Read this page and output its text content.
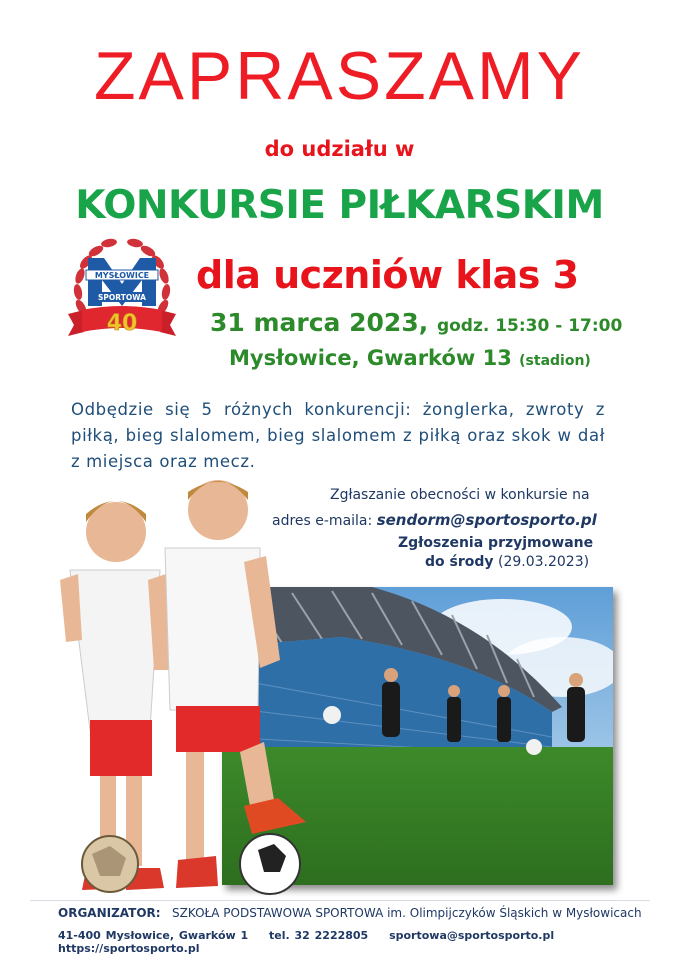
ZAPRASZAMY
do udziału w
KONKURSIE PIŁKARSKIM
MYSŁOWICE
SPORTOWA
40
dla uczniów klas 3
31 marca 2023, godz. 15:30 - 17:00
Mysłowice, Gwarków 13 (stadion)
Odbędzie się 5 różnych konkurencji: żonglerka, zwroty z piłką, bieg slalomem, bieg slalomem z piłką oraz skok w dał z miejsca oraz mecz.
Zgłaszanie obecności w konkursie na
adres e-maila: sendorm@sportosporto.pl
Zgłoszenia przyjmowane
do środy (29.03.2023)
ORGANIZATOR: SZKOŁA PODSTAWOWA SPORTOWA im. Olimpijczyków Śląskich w Mysłowicach
41-400 Mysłowice, Gwarków 1 tel. 32 2222805 sportowa@sportosporto.pl https://sportosporto.pl
